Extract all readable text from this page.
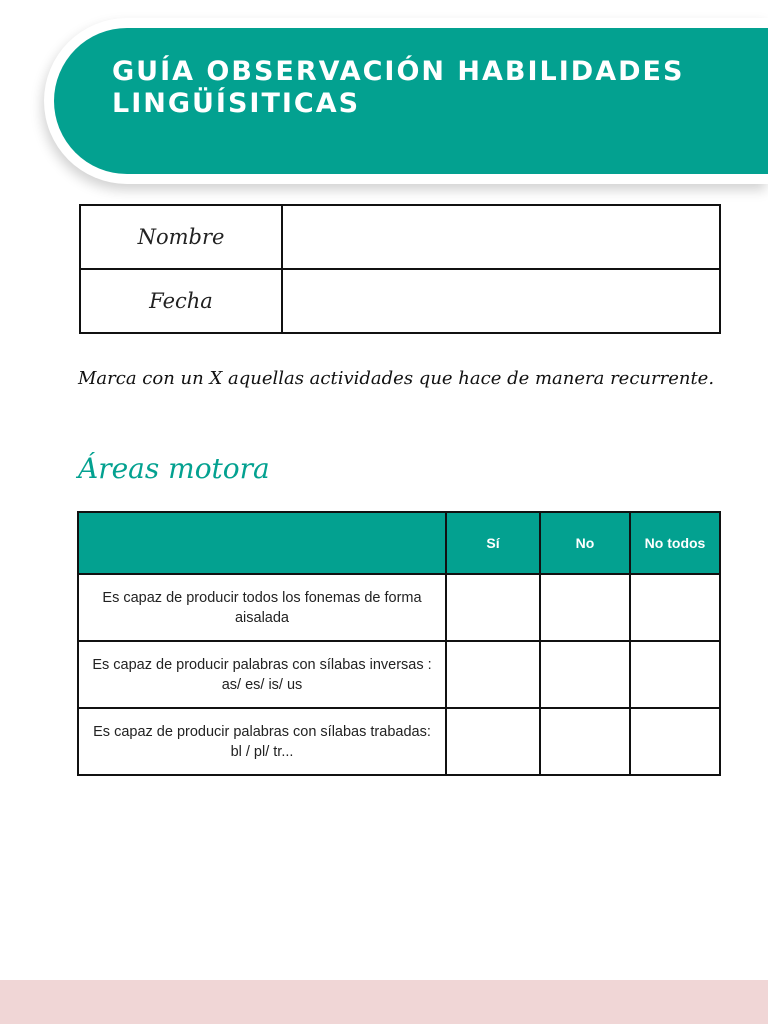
GUÍA OBSERVACIÓN HABILIDADES
LINGÜÍSITICAS
Nombre	
Fecha	
Marca con un X aquellas actividades que hace de manera recurrente.
Áreas motora
	Sí	No	No todos
Es capaz de producir todos los fonemas de forma aisalada			
Es capaz de producir palabras con sílabas inversas : as/ es/ is/ us			
Es capaz de producir palabras con sílabas trabadas: bl / pl/ tr...			
